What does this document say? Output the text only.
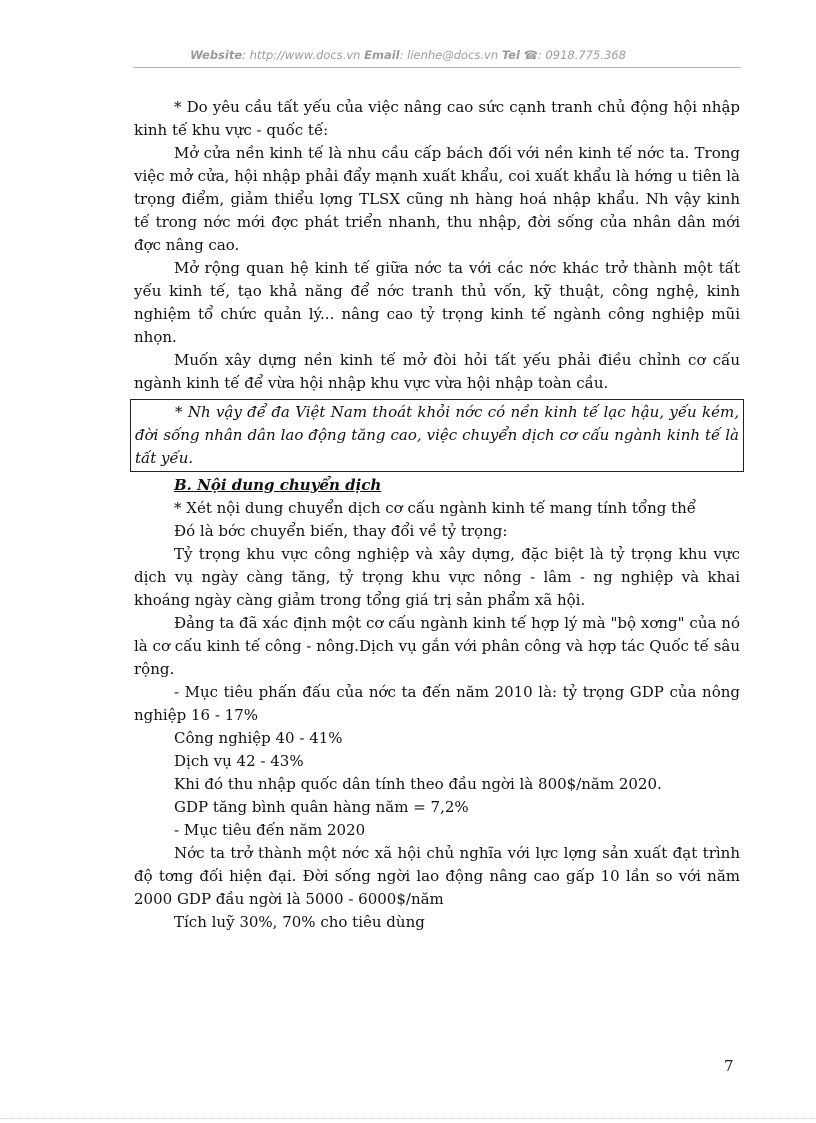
Website: http://www.docs.vn Email: lienhe@docs.vn Tel ☎: 0918.775.368

* Do yêu cầu tất yếu của việc nâng cao sức cạnh tranh chủ động hội nhập kinh tế khu vực - quốc tế:

Mở cửa nền kinh tế là nhu cầu cấp bách đối với nền kinh tế nớc ta. Trong việc mở cửa, hội nhập phải đẩy mạnh xuất khẩu, coi xuất khẩu là hớng u tiên là trọng điểm, giảm thiểu lợng TLSX cũng nh hàng hoá nhập khẩu. Nh vậy kinh tế trong nớc mới đợc phát triển nhanh, thu nhập, đời sống của nhân dân mới đợc nâng cao.

Mở rộng quan hệ kinh tế giữa nớc ta với các nớc khác trở thành một tất yếu kinh tế, tạo khả năng để nớc tranh thủ vốn, kỹ thuật, công nghệ, kinh nghiệm tổ chức quản lý... nâng cao tỷ trọng kinh tế ngành công nghiệp mũi nhọn.

Muốn xây dựng nền kinh tế mở đòi hỏi tất yếu phải điều chỉnh cơ cấu ngành kinh tế để vừa hội nhập khu vực vừa hội nhập toàn cầu.

* Nh vậy để đa Việt Nam thoát khỏi nớc có nền kinh tế lạc hậu, yếu kém, đời sống nhân dân lao động tăng cao, việc chuyển dịch cơ cấu ngành kinh tế là tất yếu.

B. Nội dung chuyển dịch

* Xét nội dung chuyển dịch cơ cấu ngành kinh tế mang tính tổng thể

Đó là bớc chuyển biến, thay đổi về tỷ trọng:

Tỷ trọng khu vực công nghiệp và xây dựng, đặc biệt là tỷ trọng khu vực dịch vụ ngày càng tăng, tỷ trọng khu vực nông - lâm - ng nghiệp và khai khoáng ngày càng giảm trong tổng giá trị sản phẩm xã hội.

Đảng ta đã xác định một cơ cấu ngành kinh tế hợp lý mà "bộ xơng" của nó là cơ cấu kinh tế công - nông.Dịch vụ gắn với phân công và hợp tác Quốc tế sâu rộng.

- Mục tiêu phấn đấu của nớc ta đến năm 2010 là: tỷ trọng GDP của nông nghiệp 16 - 17%

Công nghiệp 40 - 41%

Dịch vụ 42 - 43%

Khi đó thu nhập quốc dân tính theo đầu ngời là 800$/năm 2020.

GDP tăng bình quân hàng năm = 7,2%

- Mục tiêu đến năm 2020

Nớc ta trở thành một nớc xã hội chủ nghĩa với lực lợng sản xuất đạt trình độ tơng đối hiện đại. Đời sống ngời lao động nâng cao gấp 10 lần so với năm 2000 GDP đầu ngời là 5000 - 6000$/năm

Tích luỹ 30%, 70% cho tiêu dùng

7
